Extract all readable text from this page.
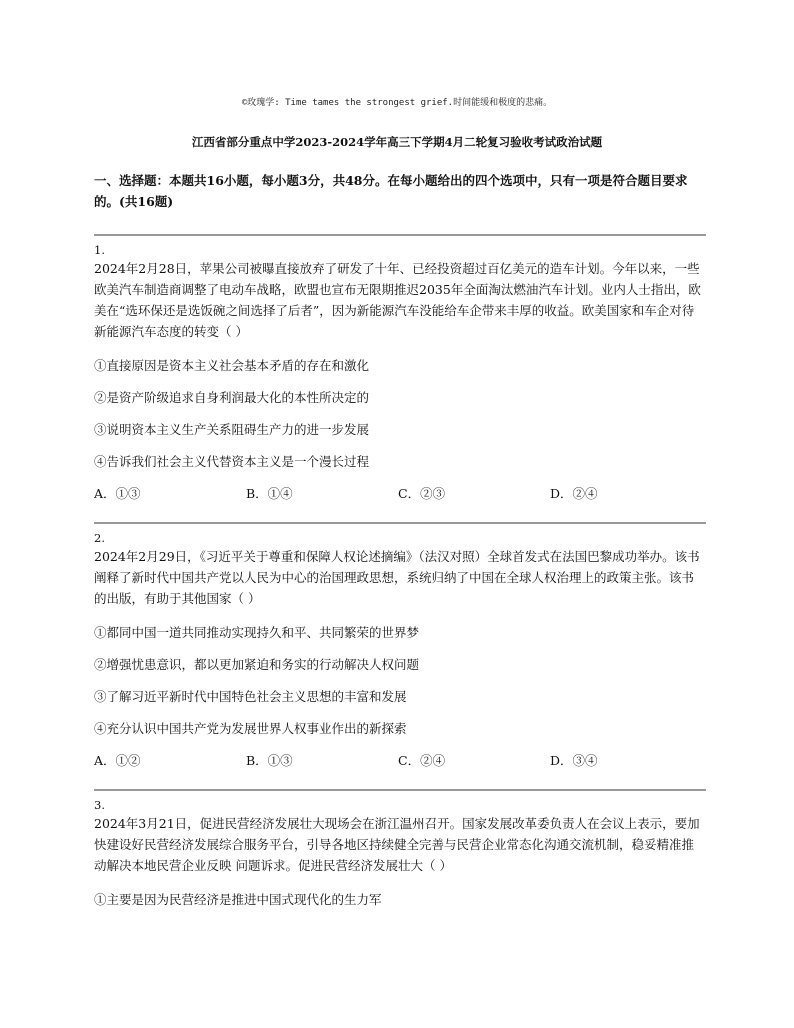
©玫瑰学: Time tames the strongest grief.时间能缓和极度的悲痛。
江西省部分重点中学2023-2024学年高三下学期4月二轮复习验收考试政治试题
一、选择题：本题共16小题，每小题3分，共48分。在每小题给出的四个选项中，只有一项是符合题目要求的。(共16题)
1.

2024年2月28日，苹果公司被曝直接放弃了研发了十年、已经投资超过百亿美元的造车计划。今年以来，一些欧美汽车制造商调整了电动车战略，欧盟也宣布无限期推迟2035年全面淘汰燃油汽车计划。业内人士指出，欧美在“选环保还是选饭碗之间选择了后者”，因为新能源汽车没能给车企带来丰厚的收益。欧美国家和车企对待新能源汽车态度的转变（ ）

①直接原因是资本主义社会基本矛盾的存在和激化
②是资产阶级追求自身利润最大化的本性所决定的
③说明资本主义生产关系阻碍生产力的进一步发展
④告诉我们社会主义代替资本主义是一个漫长过程
A．①③	B．①④	C．②③	D．②④
2.

2024年2月29日，《习近平关于尊重和保障人权论述摘编》（法汉对照）全球首发式在法国巴黎成功举办。该书阐释了新时代中国共产党以人民为中心的治国理政思想，系统归纳了中国在全球人权治理上的政策主张。该书的出版，有助于其他国家（ ）

①都同中国一道共同推动实现持久和平、共同繁荣的世界梦
②增强忧患意识，都以更加紧迫和务实的行动解决人权问题
③了解习近平新时代中国特色社会主义思想的丰富和发展
④充分认识中国共产党为发展世界人权事业作出的新探索
A．①②	B．①③	C．②④	D．③④
3.

2024年3月21日，促进民营经济发展壮大现场会在浙江温州召开。国家发展改革委负责人在会议上表示，要加快建设好民营经济发展综合服务平台，引导各地区持续健全完善与民营企业常态化沟通交流机制，稳妥精准推动解决本地民营企业反映 问题诉求。促进民营经济发展壮大（ ）

①主要是因为民营经济是推进中国式现代化的生力军
